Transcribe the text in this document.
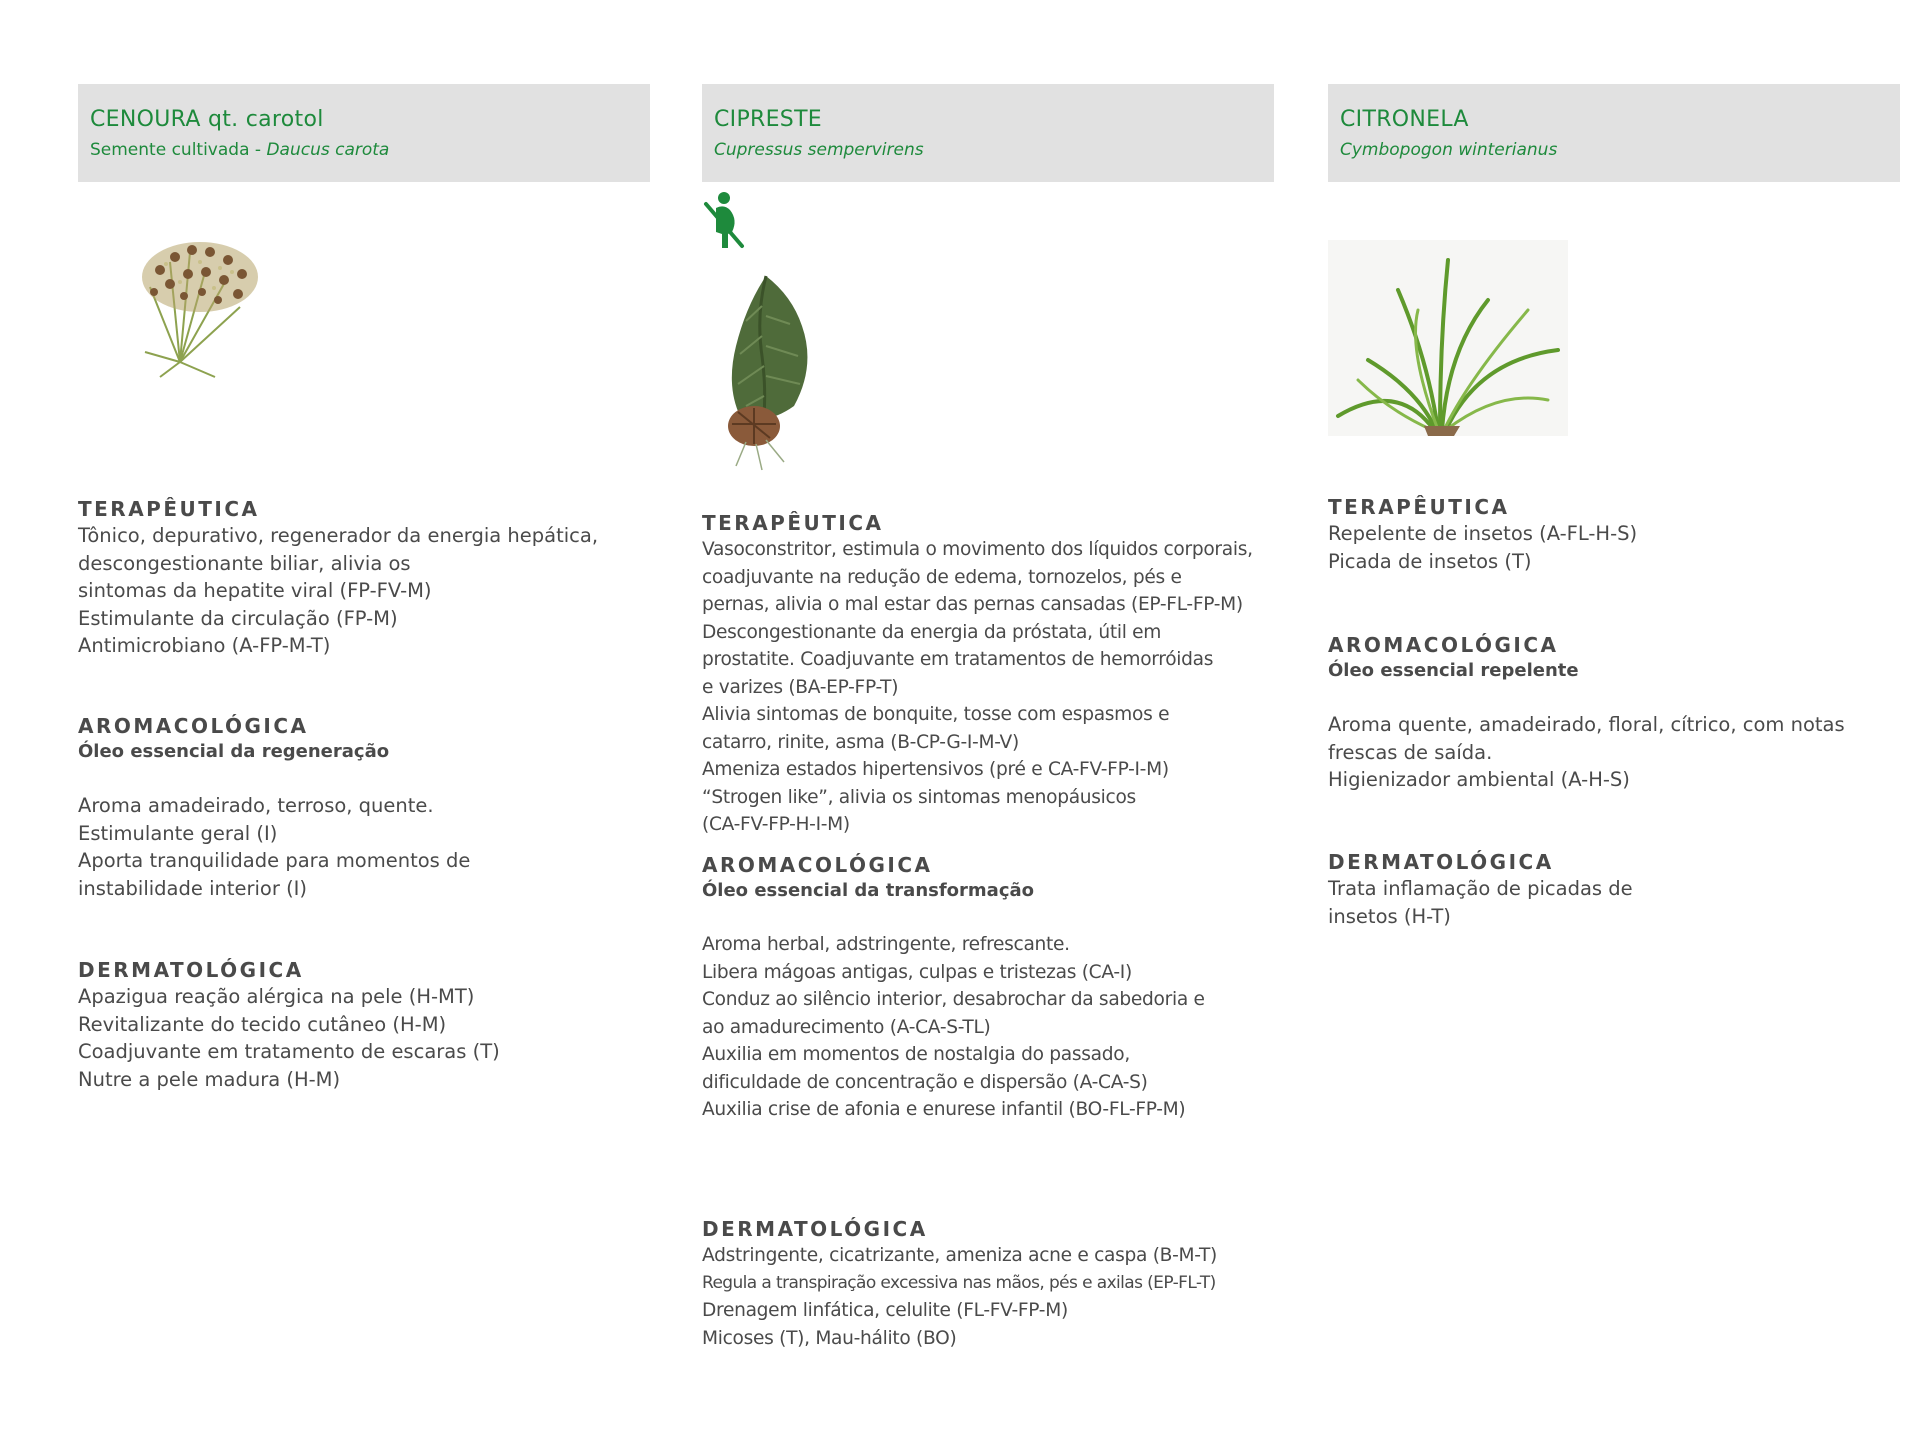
CENOURA qt. carotol
Semente cultivada - Daucus carota
TERAPÊUTICA
Tônico, depurativo, regenerador da energia hepática,
descongestionante biliar, alivia os
sintomas da hepatite viral (FP-FV-M)
Estimulante da circulação (FP-M)
Antimicrobiano (A-FP-M-T)
AROMACOLÓGICA
Óleo essencial da regeneração
Aroma amadeirado, terroso, quente.
Estimulante geral (I)
Aporta tranquilidade para momentos de
instabilidade interior (I)
DERMATOLÓGICA
Apazigua reação alérgica na pele (H-MT)
Revitalizante do tecido cutâneo (H-M)
Coadjuvante em tratamento de escaras (T)
Nutre a pele madura (H-M)
CIPRESTE
Cupressus sempervirens
TERAPÊUTICA
Vasoconstritor, estimula o movimento dos líquidos corporais,
coadjuvante na redução de edema, tornozelos, pés e
pernas, alivia o mal estar das pernas cansadas (EP-FL-FP-M)
Descongestionante da energia da próstata, útil em
prostatite. Coadjuvante em tratamentos de hemorróidas
e varizes (BA-EP-FP-T)
Alivia sintomas de bonquite, tosse com espasmos e
catarro, rinite, asma (B-CP-G-I-M-V)
Ameniza estados hipertensivos (pré e CA-FV-FP-I-M)
“Strogen like”, alivia os sintomas menopáusicos
(CA-FV-FP-H-I-M)
AROMACOLÓGICA
Óleo essencial da transformação
Aroma herbal, adstringente, refrescante.
Libera mágoas antigas, culpas e tristezas (CA-I)
Conduz ao silêncio interior, desabrochar da sabedoria e
ao amadurecimento (A-CA-S-TL)
Auxilia em momentos de nostalgia do passado,
dificuldade de concentração e dispersão (A-CA-S)
Auxilia crise de afonia e enurese infantil (BO-FL-FP-M)
DERMATOLÓGICA
Adstringente, cicatrizante, ameniza acne e caspa (B-M-T)
Regula a transpiração excessiva nas mãos, pés e axilas (EP-FL-T)
Drenagem linfática, celulite (FL-FV-FP-M)
Micoses (T), Mau-hálito (BO)
CITRONELA
Cymbopogon winterianus
TERAPÊUTICA
Repelente de insetos (A-FL-H-S)
Picada de insetos (T)
AROMACOLÓGICA
Óleo essencial repelente
Aroma quente, amadeirado, floral, cítrico, com notas
frescas de saída.
Higienizador ambiental (A-H-S)
DERMATOLÓGICA
Trata inflamação de picadas de
insetos (H-T)
